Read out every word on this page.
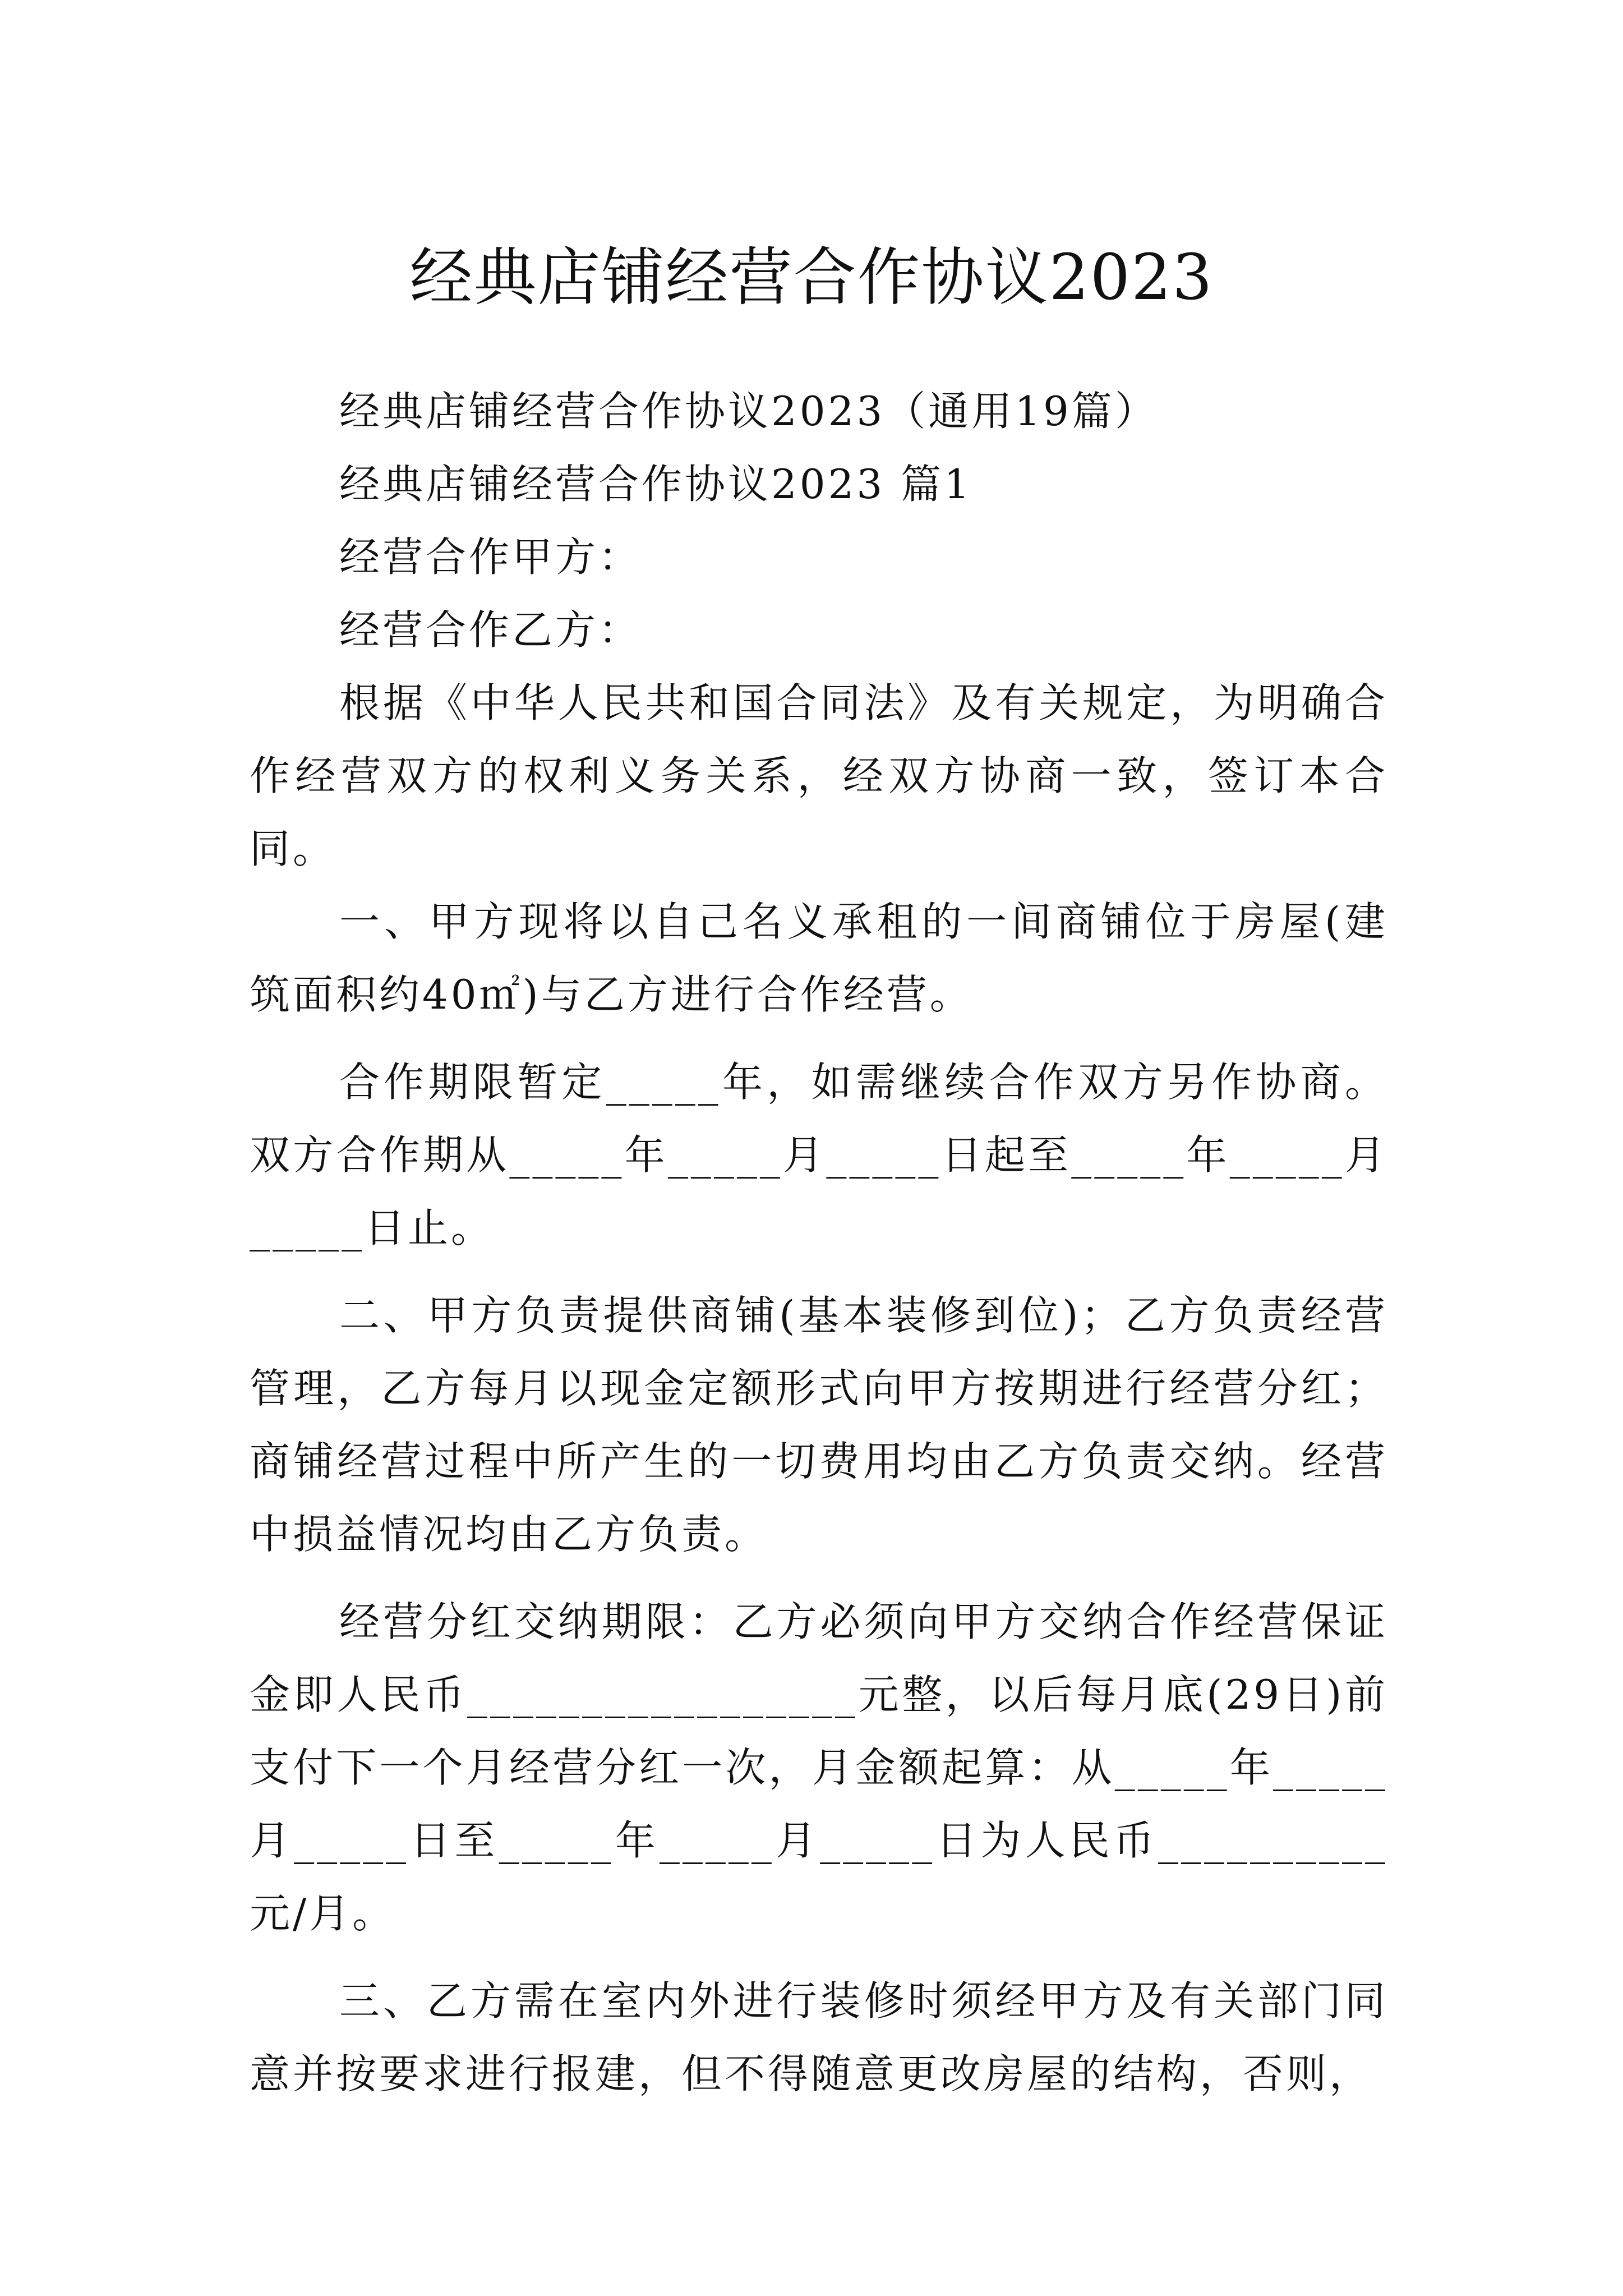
经典店铺经营合作协议2023

经典店铺经营合作协议2023（通用19篇）

经典店铺经营合作协议2023 篇1

经营合作甲方：

经营合作乙方：

根据《中华人民共和国合同法》及有关规定，为明确合作经营双方的权利义务关系，经双方协商一致，签订本合同。

一、甲方现将以自己名义承租的一间商铺位于房屋(建筑面积约40㎡)与乙方进行合作经营。

合作期限暂定_____年，如需继续合作双方另作协商。双方合作期从_____年_____月_____日起至_____年_____月_____日止。

二、甲方负责提供商铺(基本装修到位)；乙方负责经营管理，乙方每月以现金定额形式向甲方按期进行经营分红；商铺经营过程中所产生的一切费用均由乙方负责交纳。经营中损益情况均由乙方负责。

经营分红交纳期限：乙方必须向甲方交纳合作经营保证金即人民币_________________元整，以后每月底(29日)前支付下一个月经营分红一次，月金额起算：从_____年_____月_____日至_____年_____月_____日为人民币__________元/月。

三、乙方需在室内外进行装修时须经甲方及有关部门同意并按要求进行报建，但不得随意更改房屋的结构，否则，
